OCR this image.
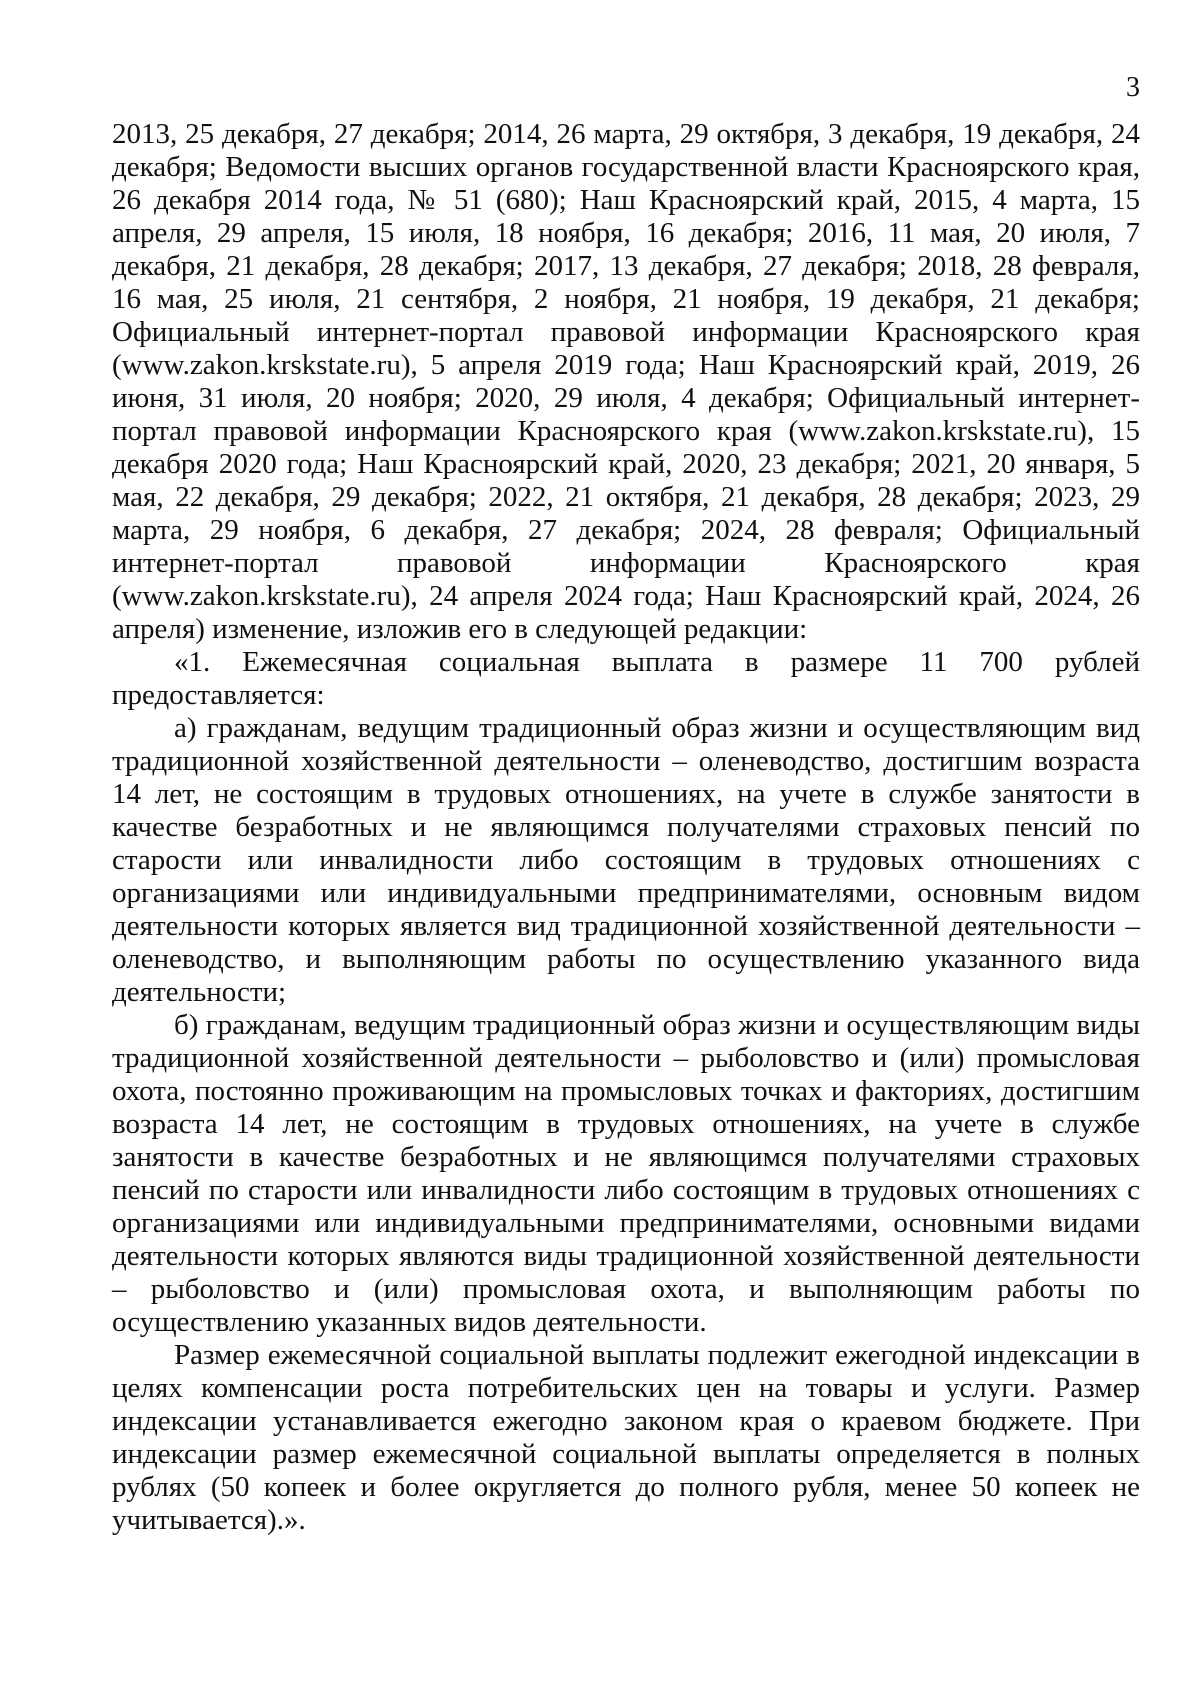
3

2013, 25 декабря, 27 декабря; 2014, 26 марта, 29 октября, 3 декабря, 19 декабря, 24 декабря; Ведомости высших органов государственной власти Красноярского края, 26 декабря 2014 года, № 51 (680); Наш Красноярский край, 2015, 4 марта, 15 апреля, 29 апреля, 15 июля, 18 ноября, 16 декабря; 2016, 11 мая, 20 июля, 7 декабря, 21 декабря, 28 декабря; 2017, 13 декабря, 27 декабря; 2018, 28 февраля, 16 мая, 25 июля, 21 сентября, 2 ноября, 21 ноября, 19 декабря, 21 декабря; Официальный интернет-портал правовой информации Красноярского края (www.zakon.krskstate.ru), 5 апреля 2019 года; Наш Красноярский край, 2019, 26 июня, 31 июля, 20 ноября; 2020, 29 июля, 4 декабря; Официальный интернет-портал правовой информации Красноярского края (www.zakon.krskstate.ru), 15 декабря 2020 года; Наш Красноярский край, 2020, 23 декабря; 2021, 20 января, 5 мая, 22 декабря, 29 декабря; 2022, 21 октября, 21 декабря, 28 декабря; 2023, 29 марта, 29 ноября, 6 декабря, 27 декабря; 2024, 28 февраля; Официальный интернет-портал правовой информации Красноярского края (www.zakon.krskstate.ru), 24 апреля 2024 года; Наш Красноярский край, 2024, 26 апреля) изменение, изложив его в следующей редакции:

«1. Ежемесячная социальная выплата в размере 11 700 рублей предоставляется:

а) гражданам, ведущим традиционный образ жизни и осуществляющим вид традиционной хозяйственной деятельности – оленеводство, достигшим возраста 14 лет, не состоящим в трудовых отношениях, на учете в службе занятости в качестве безработных и не являющимся получателями страховых пенсий по старости или инвалидности либо состоящим в трудовых отношениях с организациями или индивидуальными предпринимателями, основным видом деятельности которых является вид традиционной хозяйственной деятельности – оленеводство, и выполняющим работы по осуществлению указанного вида деятельности;

б) гражданам, ведущим традиционный образ жизни и осуществляющим виды традиционной хозяйственной деятельности – рыболовство и (или) промысловая охота, постоянно проживающим на промысловых точках и факториях, достигшим возраста 14 лет, не состоящим в трудовых отношениях, на учете в службе занятости в качестве безработных и не являющимся получателями страховых пенсий по старости или инвалидности либо состоящим в трудовых отношениях с организациями или индивидуальными предпринимателями, основными видами деятельности которых являются виды традиционной хозяйственной деятельности – рыболовство и (или) промысловая охота, и выполняющим работы по осуществлению указанных видов деятельности.

Размер ежемесячной социальной выплаты подлежит ежегодной индексации в целях компенсации роста потребительских цен на товары и услуги. Размер индексации устанавливается ежегодно законом края о краевом бюджете. При индексации размер ежемесячной социальной выплаты определяется в полных рублях (50 копеек и более округляется до полного рубля, менее 50 копеек не учитывается).».
